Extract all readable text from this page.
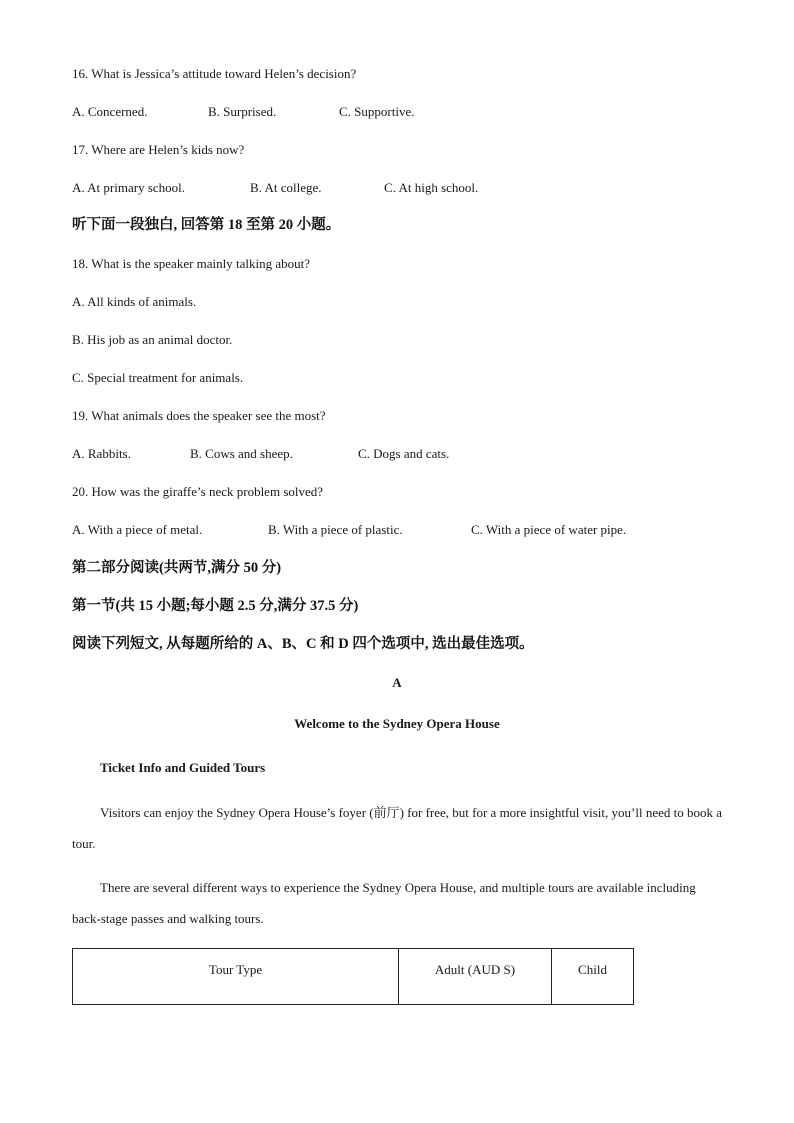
16. What is Jessica’s attitude toward Helen’s decision?
A. Concerned.	B. Surprised.	C. Supportive.
17. Where are Helen’s kids now?
A. At primary school.	B. At college.	C. At high school.
听下面一段独白, 回答第 18 至第 20 小题。
18. What is the speaker mainly talking about?
A. All kinds of animals.
B. His job as an animal doctor.
C. Special treatment for animals.
19. What animals does the speaker see the most?
A. Rabbits.	B. Cows and sheep.	C. Dogs and cats.
20. How was the giraffe’s neck problem solved?
A. With a piece of metal.	B. With a piece of plastic.	C. With a piece of water pipe.
第二部分阅读(共两节,满分 50 分)
第一节(共 15 小题;每小题 2.5 分,满分 37.5 分)
阅读下列短文, 从每题所给的 A、B、C 和 D 四个选项中, 选出最佳选项。
A
Welcome to the Sydney Opera House
Ticket Info and Guided Tours
Visitors can enjoy the Sydney Opera House’s foyer (前厅) for free, but for a more insightful visit, you’ll need to book a tour.
There are several different ways to experience the Sydney Opera House, and multiple tours are available including back-stage passes and walking tours.
Tour Type	Adult (AUD S)	Child
